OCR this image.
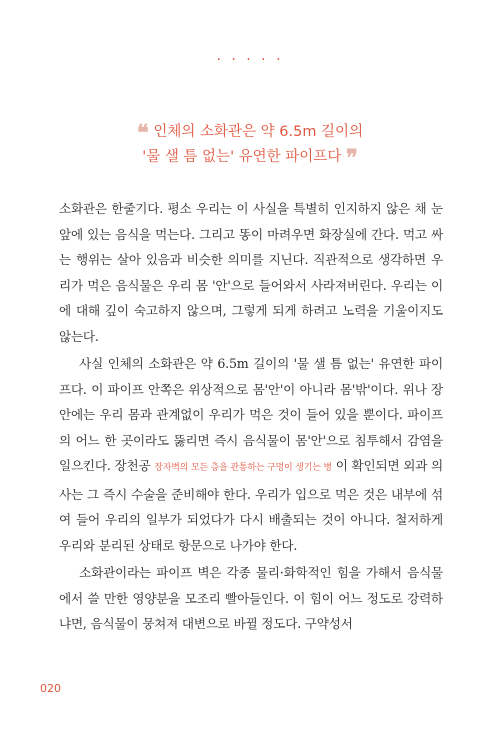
· · · · ·
❝ 인체의 소화관은 약 6.5m 길이의
'물 샐 틈 없는' 유연한 파이프다 ❞

소화관은 한줄기다. 평소 우리는 이 사실을 특별히 인지하지 않은 채 눈앞에 있는 음식을 먹는다. 그리고 똥이 마려우면 화장실에 간다. 먹고 싸는 행위는 살아 있음과 비슷한 의미를 지닌다. 직관적으로 생각하면 우리가 먹은 음식물은 우리 몸 '안'으로 들어와서 사라져버린다. 우리는 이에 대해 깊이 숙고하지 않으며, 그렇게 되게 하려고 노력을 기울이지도 않는다.

사실 인체의 소화관은 약 6.5m 길이의 '물 샐 틈 없는' 유연한 파이프다. 이 파이프 안쪽은 위상적으로 몸'안'이 아니라 몸'밖'이다. 위나 장 안에는 우리 몸과 관계없이 우리가 먹은 것이 들어 있을 뿐이다. 파이프의 어느 한 곳이라도 뚫리면 즉시 음식물이 몸'안'으로 침투해서 감염을 일으킨다. 장천공 장자벽의 모든 층을 관통하는 구멍이 생기는 병 이 확인되면 외과 의사는 그 즉시 수술을 준비해야 한다. 우리가 입으로 먹은 것은 내부에 섞여 들어 우리의 일부가 되었다가 다시 배출되는 것이 아니다. 철저하게 우리와 분리된 상태로 항문으로 나가야 한다.

소화관이라는 파이프 벽은 각종 물리·화학적인 힘을 가해서 음식물에서 쓸 만한 영양분을 모조리 빨아들인다. 이 힘이 어느 정도로 강력하냐면, 음식물이 뭉쳐져 대변으로 바뀔 정도다. 구약성서

020
